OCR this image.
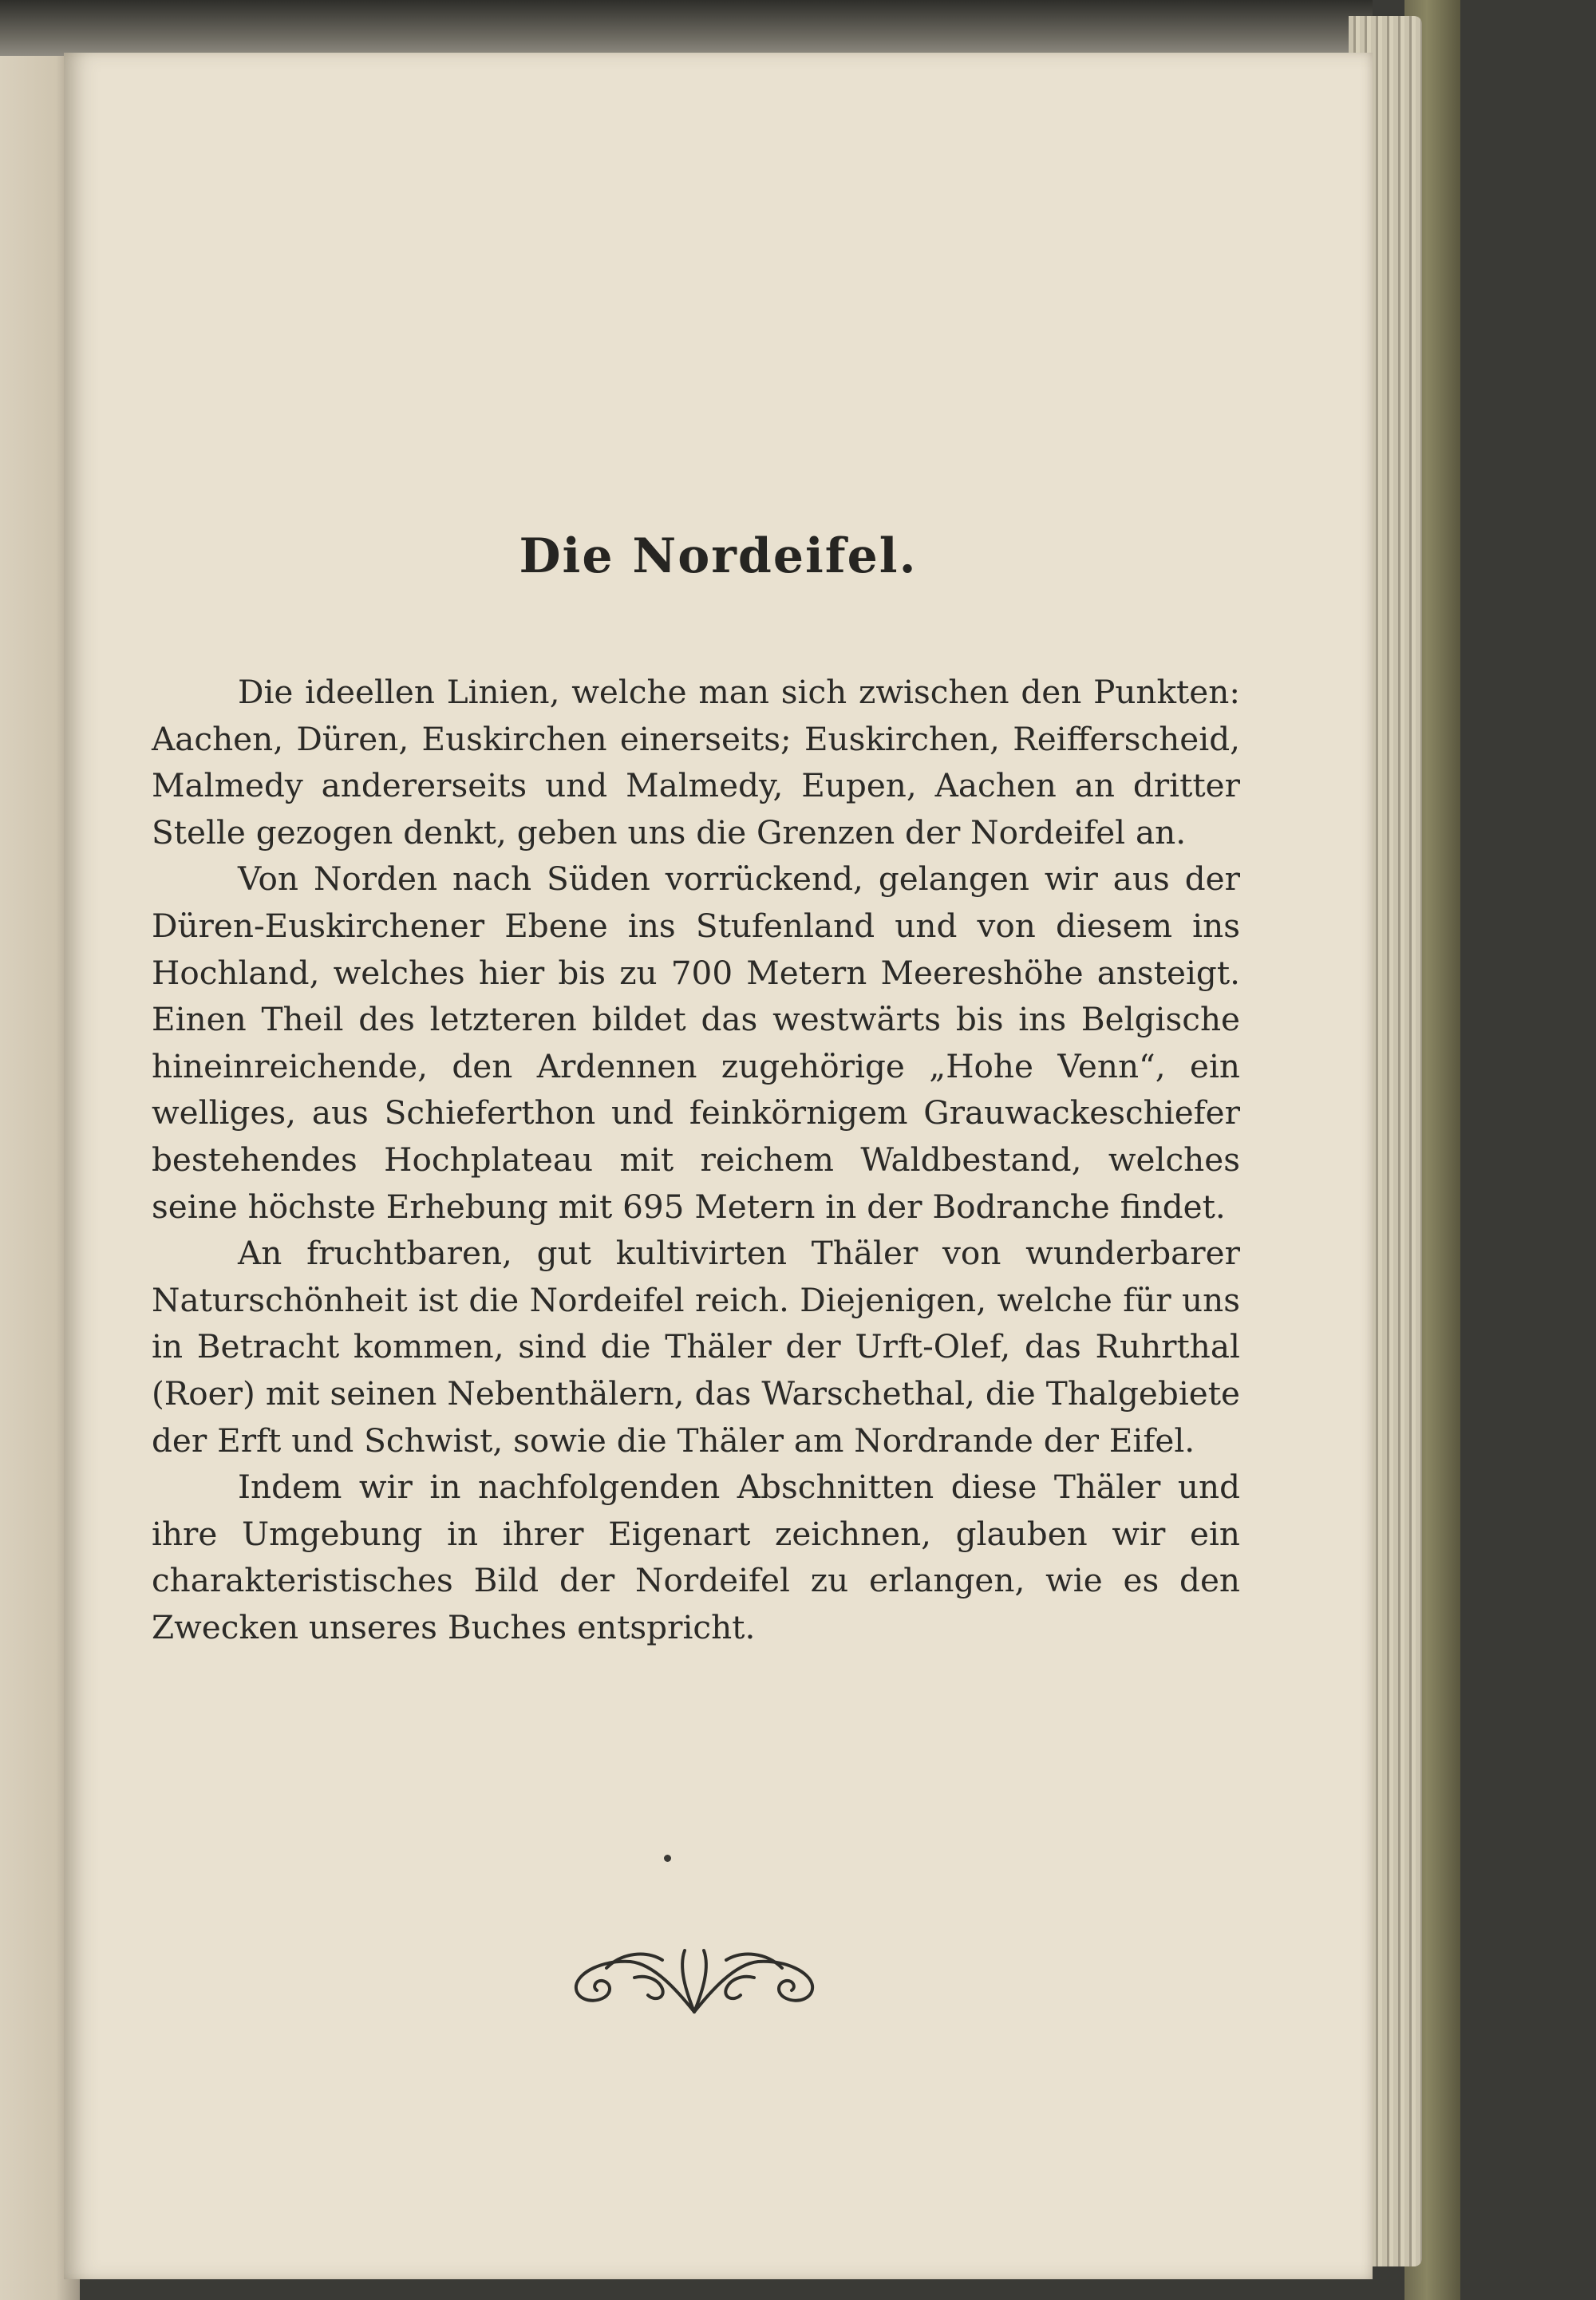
Die Nordeifel.

Die ideellen Linien, welche man sich zwischen den Punkten: Aachen, Düren, Euskirchen einerseits; Euskirchen, Reifferscheid, Malmedy andererseits und Malmedy, Eupen, Aachen an dritter Stelle gezogen denkt, geben uns die Grenzen der Nordeifel an.

Von Norden nach Süden vorrückend, gelangen wir aus der Düren-Euskirchener Ebene ins Stufenland und von diesem ins Hochland, welches hier bis zu 700 Metern Meereshöhe ansteigt. Einen Theil des letzteren bildet das westwärts bis ins Belgische hineinreichende, den Ardennen zugehörige „Hohe Venn“, ein welliges, aus Schieferthon und feinkörnigem Grauwackeschiefer bestehendes Hochplateau mit reichem Waldbestand, welches seine höchste Erhebung mit 695 Metern in der Bodranche findet.

An fruchtbaren, gut kultivirten Thäler von wunderbarer Naturschönheit ist die Nordeifel reich. Diejenigen, welche für uns in Betracht kommen, sind die Thäler der Urft-Olef, das Ruhrthal (Roer) mit seinen Nebenthälern, das Warschethal, die Thalgebiete der Erft und Schwist, sowie die Thäler am Nordrande der Eifel.

Indem wir in nachfolgenden Abschnitten diese Thäler und ihre Umgebung in ihrer Eigenart zeichnen, glauben wir ein charakteristisches Bild der Nordeifel zu erlangen, wie es den Zwecken unseres Buches entspricht.
